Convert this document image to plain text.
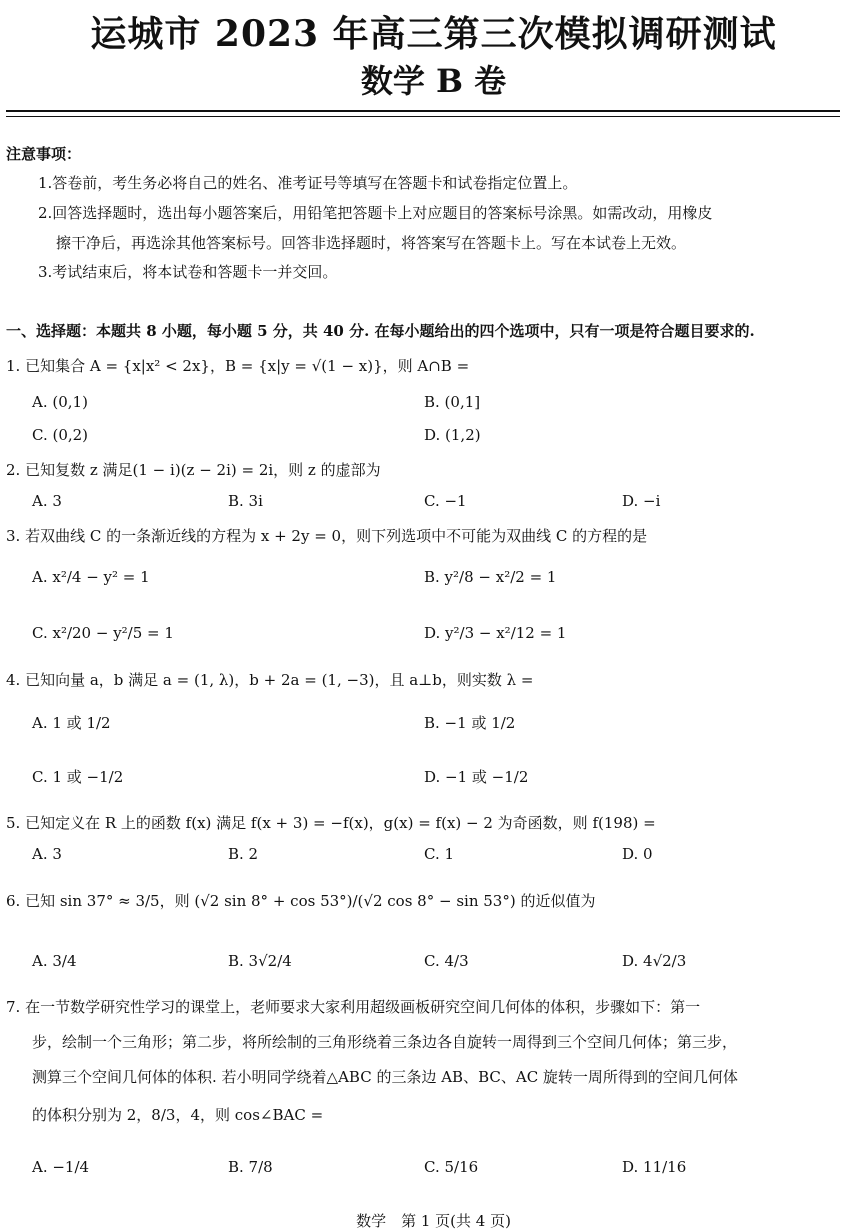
运城市 2023 年高三第三次模拟调研测试
数学 B 卷
注意事项：
1.答卷前，考生务必将自己的姓名、准考证号等填写在答题卡和试卷指定位置上。
2.回答选择题时，选出每小题答案后，用铅笔把答题卡上对应题目的答案标号涂黑。如需改动，用橡皮
擦干净后，再选涂其他答案标号。回答非选择题时，将答案写在答题卡上。写在本试卷上无效。
3.考试结束后，将本试卷和答题卡一并交回。
一、选择题：本题共 8 小题，每小题 5 分，共 40 分. 在每小题给出的四个选项中，只有一项是符合题目要求的.
1. 已知集合 A = {x|x² < 2x}，B = {x|y = √(1 − x)}，则 A∩B =
A. (0,1)	B. (0,1]
C. (0,2)	D. (1,2)
2. 已知复数 z 满足(1 − i)(z − 2i) = 2i，则 z 的虚部为
A. 3	B. 3i	C. −1	D. −i
3. 若双曲线 C 的一条渐近线的方程为 x + 2y = 0，则下列选项中不可能为双曲线 C 的方程的是
A. x²/4 − y² = 1	B. y²/8 − x²/2 = 1
C. x²/20 − y²/5 = 1	D. y²/3 − x²/12 = 1
4. 已知向量 a，b 满足 a = (1, λ)，b + 2a = (1, −3)，且 a⊥b，则实数 λ =
A. 1 或 1/2	B. −1 或 1/2
C. 1 或 −1/2	D. −1 或 −1/2
5. 已知定义在 R 上的函数 f(x) 满足 f(x + 3) = −f(x)，g(x) = f(x) − 2 为奇函数，则 f(198) =
A. 3	B. 2	C. 1	D. 0
6. 已知 sin 37° ≈ 3/5，则 (√2 sin 8° + cos 53°)/(√2 cos 8° − sin 53°) 的近似值为
A. 3/4	B. 3√2/4	C. 4/3	D. 4√2/3
7. 在一节数学研究性学习的课堂上，老师要求大家利用超级画板研究空间几何体的体积，步骤如下：第一
步，绘制一个三角形；第二步，将所绘制的三角形绕着三条边各自旋转一周得到三个空间几何体；第三步，
测算三个空间几何体的体积. 若小明同学绕着△ABC 的三条边 AB、BC、AC 旋转一周所得到的空间几何体
的体积分别为 2，8/3，4，则 cos∠BAC =
A. −1/4	B. 7/8	C. 5/16	D. 11/16
数学　第 1 页(共 4 页)
